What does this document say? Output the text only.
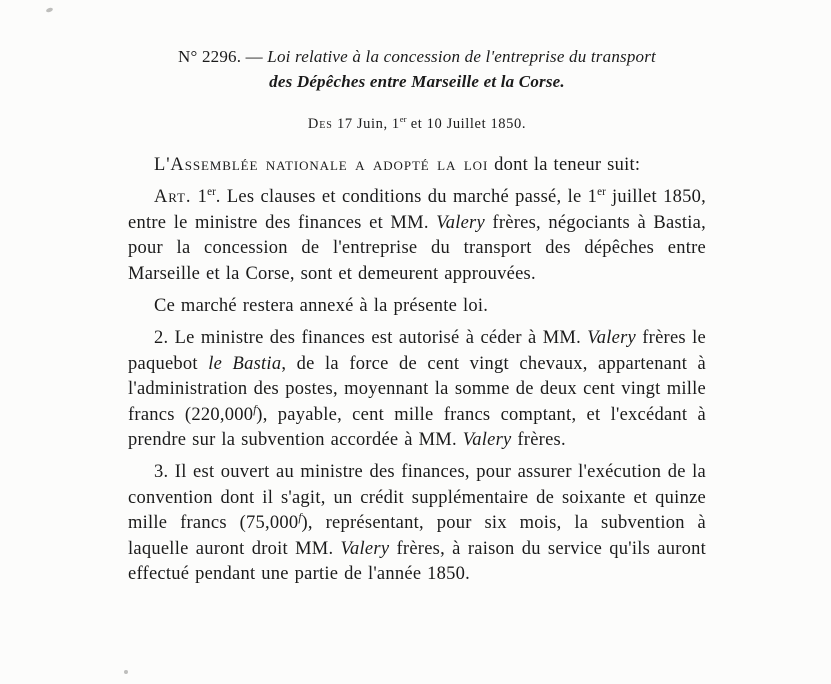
N° 2296. — Loi relative à la concession de l'entreprise du transport
des Dépêches entre Marseille et la Corse.
Des 17 Juin, 1er et 10 Juillet 1850.

L'Assemblée nationale a adopté la loi dont la teneur suit:

Art. 1er. Les clauses et conditions du marché passé, le 1er juillet 1850, entre le ministre des finances et MM. Valery frères, négociants à Bastia, pour la concession de l'entreprise du transport des dépêches entre Marseille et la Corse, sont et demeurent approuvées.

Ce marché restera annexé à la présente loi.

2. Le ministre des finances est autorisé à céder à MM. Valery frères le paquebot le Bastia, de la force de cent vingt chevaux, appartenant à l'administration des postes, moyennant la somme de deux cent vingt mille francs (220,000$^f$), payable, cent mille francs comptant, et l'excédant à prendre sur la subvention accordée à MM. Valery frères.

3. Il est ouvert au ministre des finances, pour assurer l'exécution de la convention dont il s'agit, un crédit supplémentaire de soixante et quinze mille francs (75,000$^f$), représentant, pour six mois, la subvention à laquelle auront droit MM. Valery frères, à raison du service qu'ils auront effectué pendant une partie de l'année 1850.
